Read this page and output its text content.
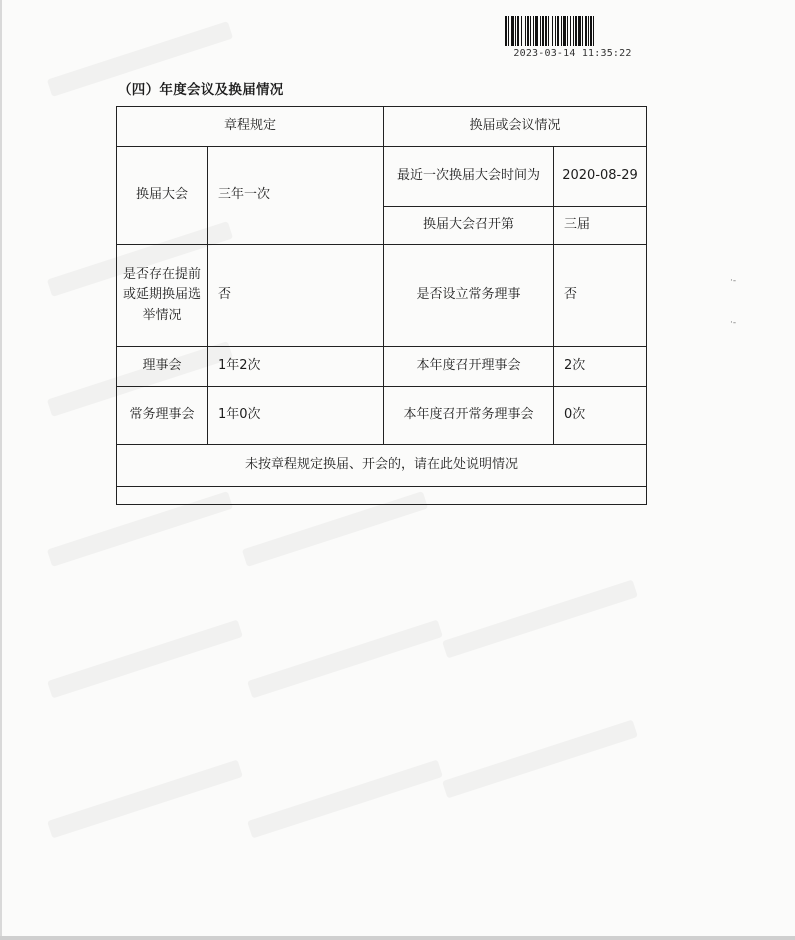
2023-03-14 11:35:22
（四）年度会议及换届情况
章程规定		换届或会议情况	
换届大会	三年一次	最近一次换届大会时间为	2020-08-29
		换届大会召开第	三届
是否存在提前或延期换届选举情况	否	是否设立常务理事	否
理事会	1年2次	本年度召开理事会	2次
常务理事会	1年0次	本年度召开常务理事会	0次
未按章程规定换届、开会的，请在此处说明情况			

·-
·-
